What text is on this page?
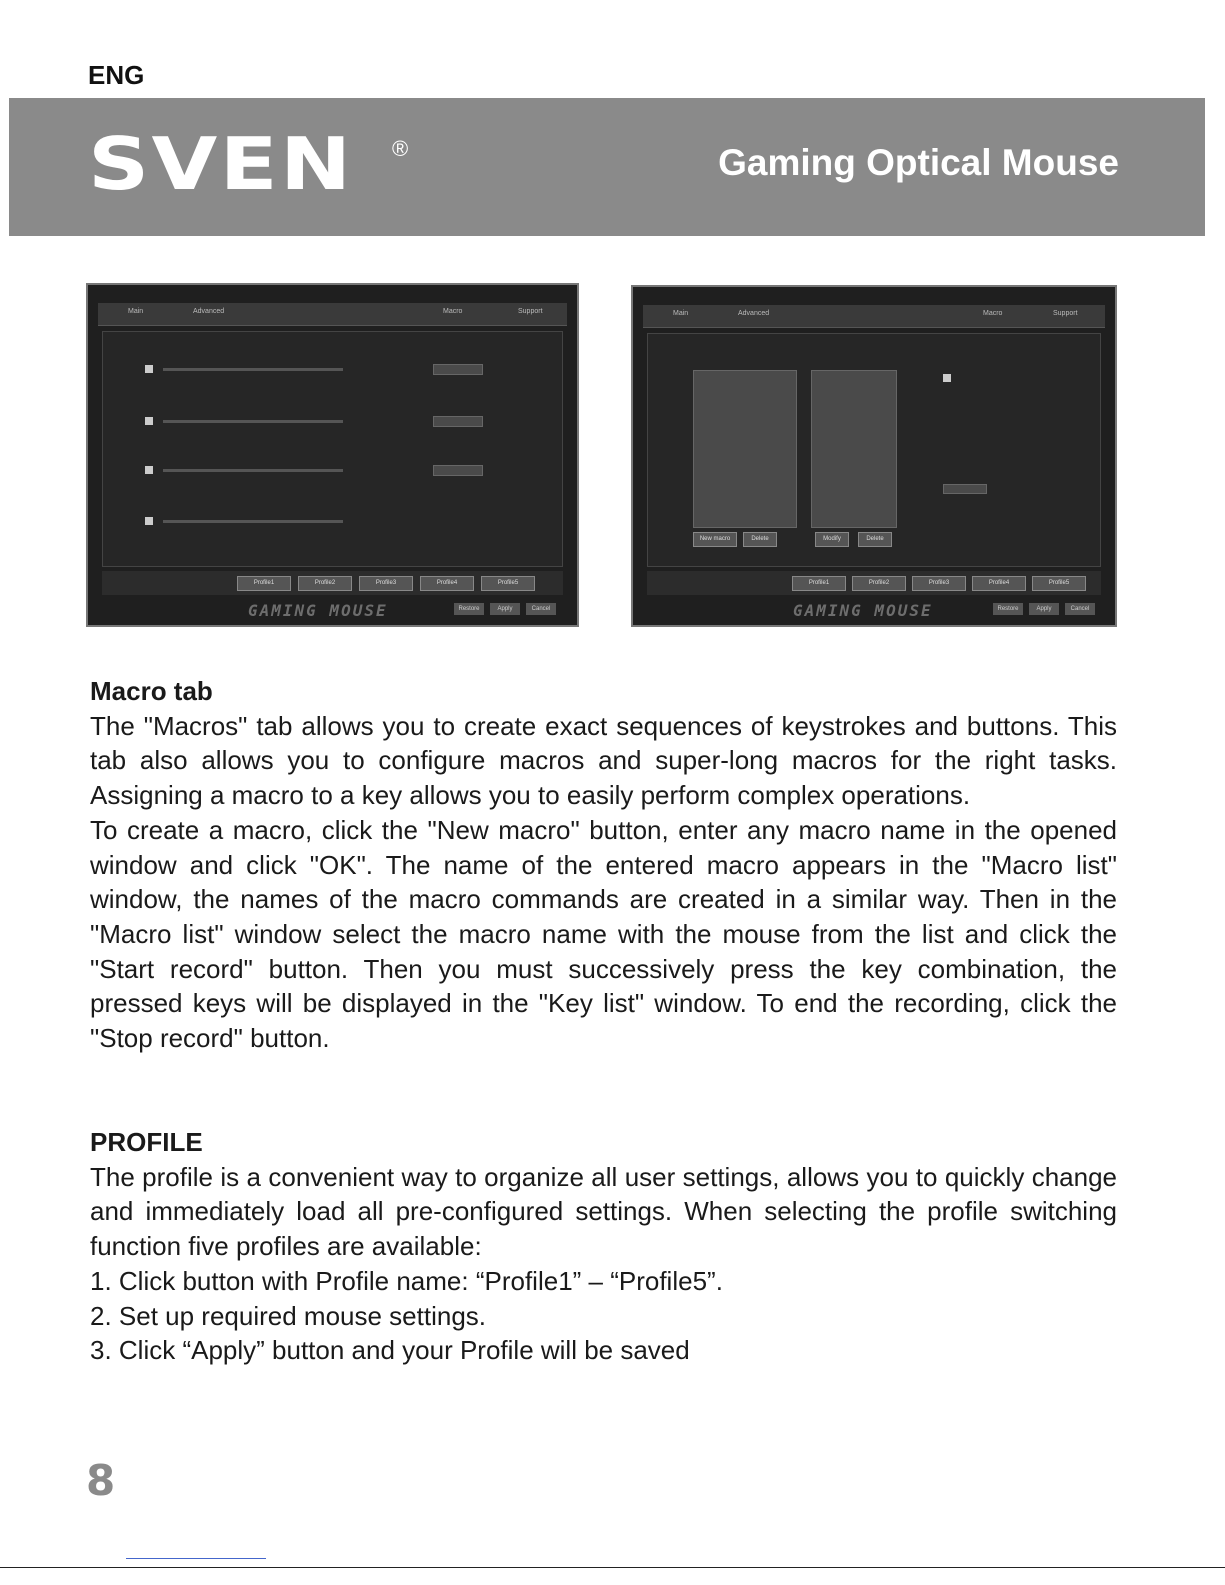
ENG
SVEN ®	Gaming Optical Mouse
Main	Advanced	Macro	Support
Profile1	Profile2	Profile3	Profile4	Profile5
GAMING MOUSE	Restore	Apply	Cancel
Main	Advanced	Macro	Support
New macro	Delete	Modify	Delete
Profile1	Profile2	Profile3	Profile4	Profile5
GAMING MOUSE	Restore	Apply	Cancel
Macro tab

The "Macros" tab allows you to create exact sequences of keystrokes and buttons. This tab also allows you to configure macros and super-long macros for the right tasks. Assigning a macro to a key allows you to easily perform complex operations.

To create a macro, click the "New macro" button, enter any macro name in the opened window and click "OK". The name of the entered macro appears in the "Macro list" window, the names of the macro commands are created in a similar way. Then in the "Macro list" window select the macro name with the mouse from the list and click the "Start record" button. Then you must successively press the key combination, the pressed keys will be displayed in the "Key list" window. To end the recording, click the "Stop record" button.

PROFILE

The profile is a convenient way to organize all user settings, allows you to quickly change and immediately load all pre-configured settings. When selecting the profile switching function five profiles are available:

1. Click button with Profile name: “Profile1” – “Profile5”.
2. Set up required mouse settings.
3. Click “Apply” button and your Profile will be saved
8
